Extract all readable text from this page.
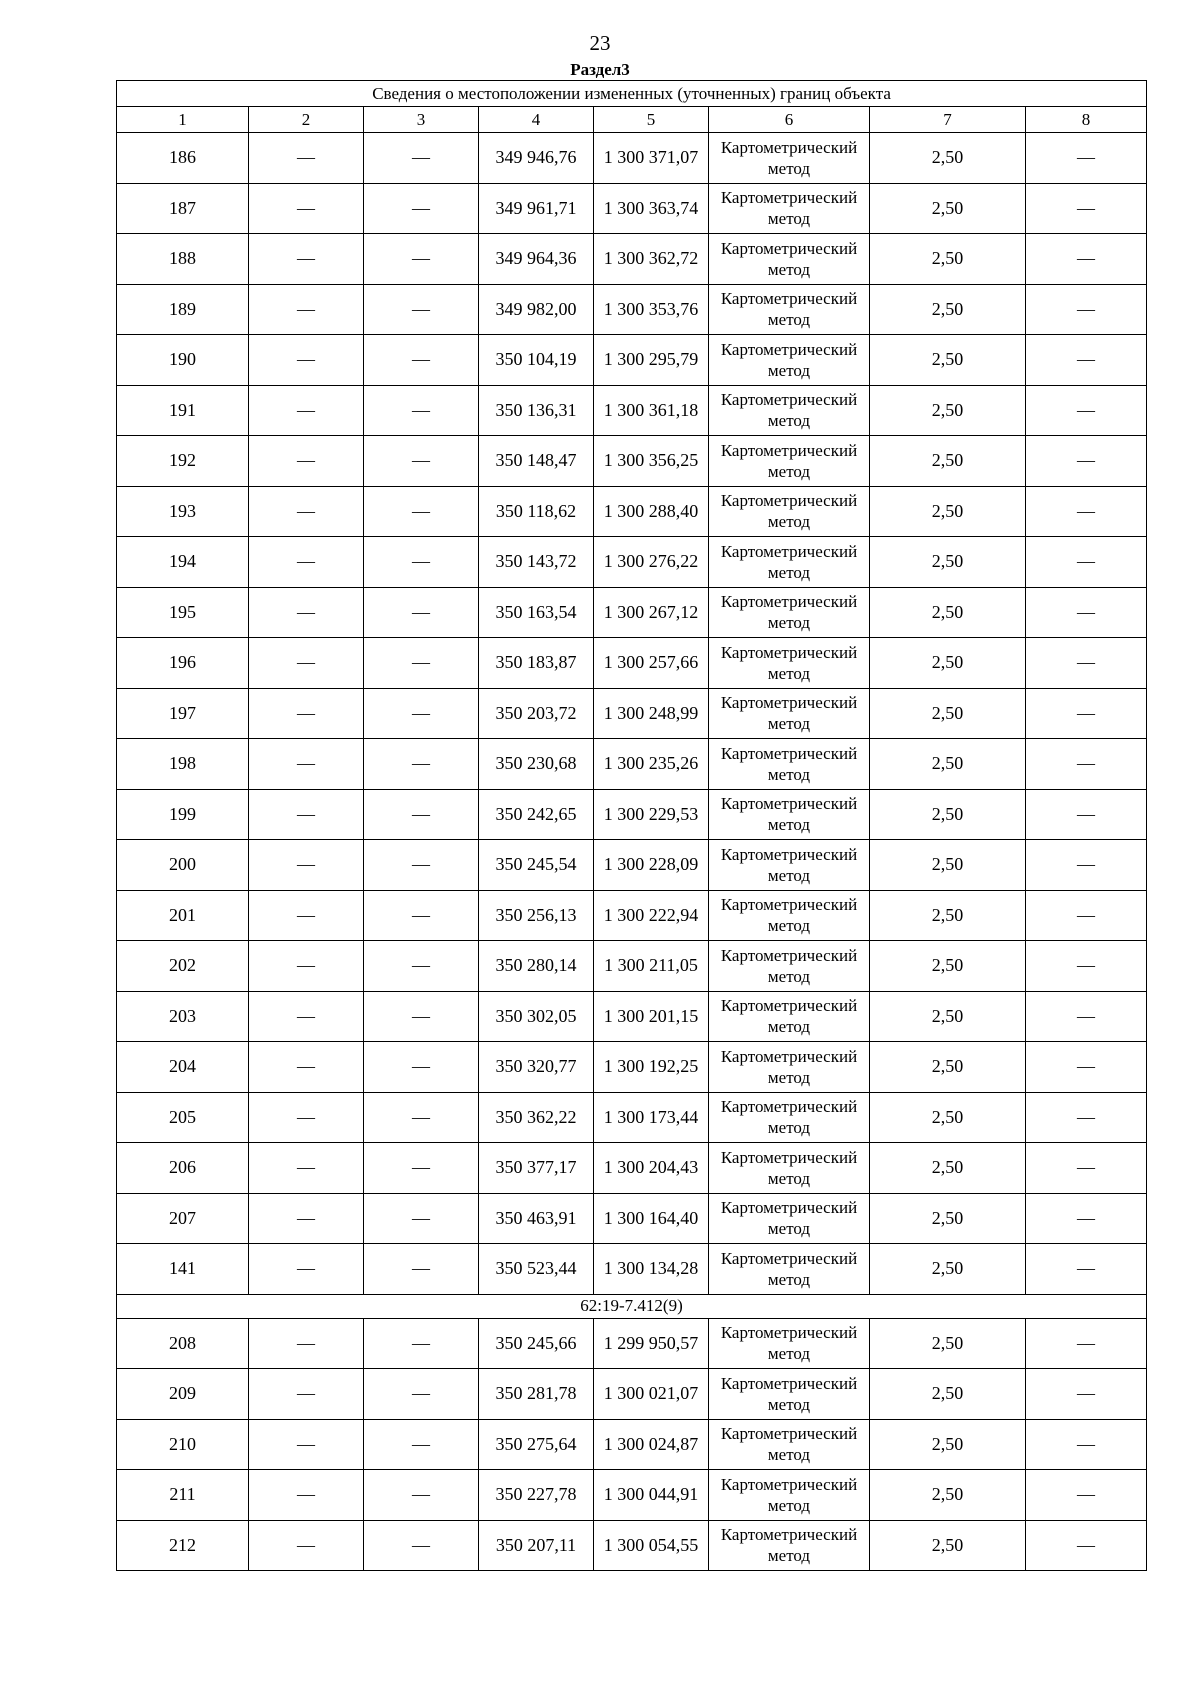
23
Раздел3
Сведения о местоположении измененных (уточненных) границ объекта							
1	2	3	4	5	6	7	8
186	—	—	349 946,76	1 300 371,07	Картометрический метод	2,50	—
187	—	—	349 961,71	1 300 363,74	Картометрический метод	2,50	—
188	—	—	349 964,36	1 300 362,72	Картометрический метод	2,50	—
189	—	—	349 982,00	1 300 353,76	Картометрический метод	2,50	—
190	—	—	350 104,19	1 300 295,79	Картометрический метод	2,50	—
191	—	—	350 136,31	1 300 361,18	Картометрический метод	2,50	—
192	—	—	350 148,47	1 300 356,25	Картометрический метод	2,50	—
193	—	—	350 118,62	1 300 288,40	Картометрический метод	2,50	—
194	—	—	350 143,72	1 300 276,22	Картометрический метод	2,50	—
195	—	—	350 163,54	1 300 267,12	Картометрический метод	2,50	—
196	—	—	350 183,87	1 300 257,66	Картометрический метод	2,50	—
197	—	—	350 203,72	1 300 248,99	Картометрический метод	2,50	—
198	—	—	350 230,68	1 300 235,26	Картометрический метод	2,50	—
199	—	—	350 242,65	1 300 229,53	Картометрический метод	2,50	—
200	—	—	350 245,54	1 300 228,09	Картометрический метод	2,50	—
201	—	—	350 256,13	1 300 222,94	Картометрический метод	2,50	—
202	—	—	350 280,14	1 300 211,05	Картометрический метод	2,50	—
203	—	—	350 302,05	1 300 201,15	Картометрический метод	2,50	—
204	—	—	350 320,77	1 300 192,25	Картометрический метод	2,50	—
205	—	—	350 362,22	1 300 173,44	Картометрический метод	2,50	—
206	—	—	350 377,17	1 300 204,43	Картометрический метод	2,50	—
207	—	—	350 463,91	1 300 164,40	Картометрический метод	2,50	—
141	—	—	350 523,44	1 300 134,28	Картометрический метод	2,50	—
62:19-7.412(9)							
208	—	—	350 245,66	1 299 950,57	Картометрический метод	2,50	—
209	—	—	350 281,78	1 300 021,07	Картометрический метод	2,50	—
210	—	—	350 275,64	1 300 024,87	Картометрический метод	2,50	—
211	—	—	350 227,78	1 300 044,91	Картометрический метод	2,50	—
212	—	—	350 207,11	1 300 054,55	Картометрический метод	2,50	—
